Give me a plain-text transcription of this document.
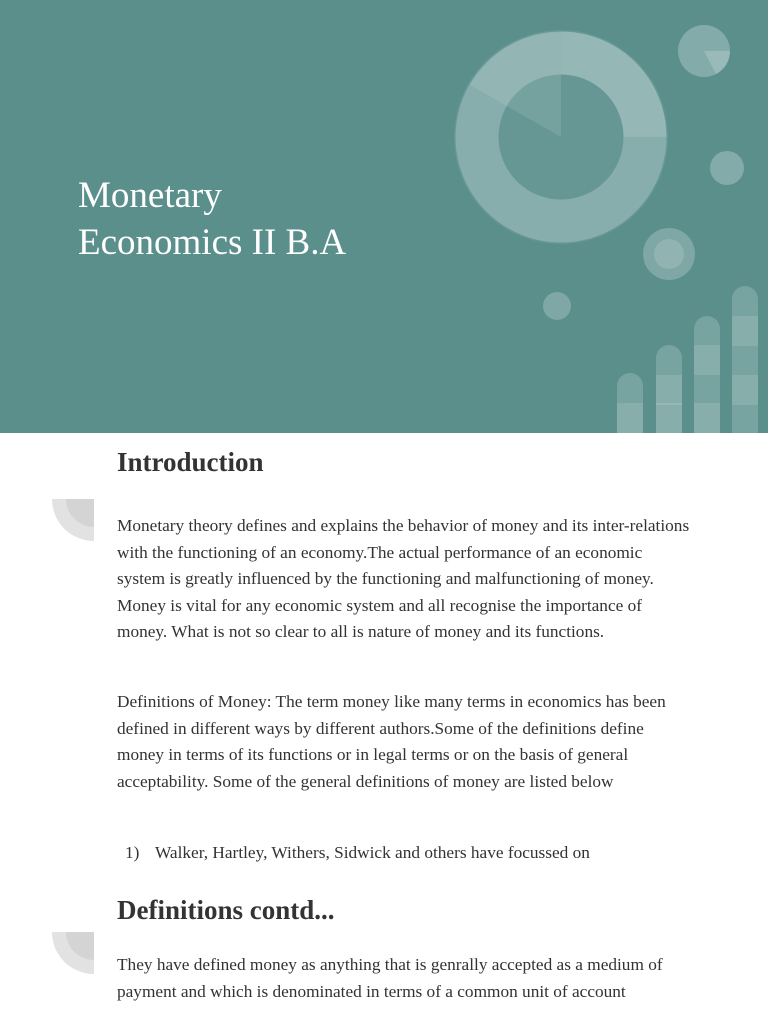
Monetary
Economics II B.A
Introduction

Monetary theory defines and explains the behavior of money and its inter-relations with the functioning of an economy.The actual performance of an economic system is greatly influenced by the functioning and malfunctioning of money. Money is vital for any economic system and all recognise the importance of money. What is not so clear to all is nature of money and its functions.

Definitions of Money: The term money like many terms in economics has been defined in different ways by different authors.Some of the definitions define money in terms of its functions or in legal terms or on the basis of general acceptability. Some of the general definitions of money are listed below

1) Walker, Hartley, Withers, Sidwick and others have focussed on
Definitions contd...

They have defined money as anything that is genrally accepted as a medium of payment and which is denominated in terms of a common unit of account
